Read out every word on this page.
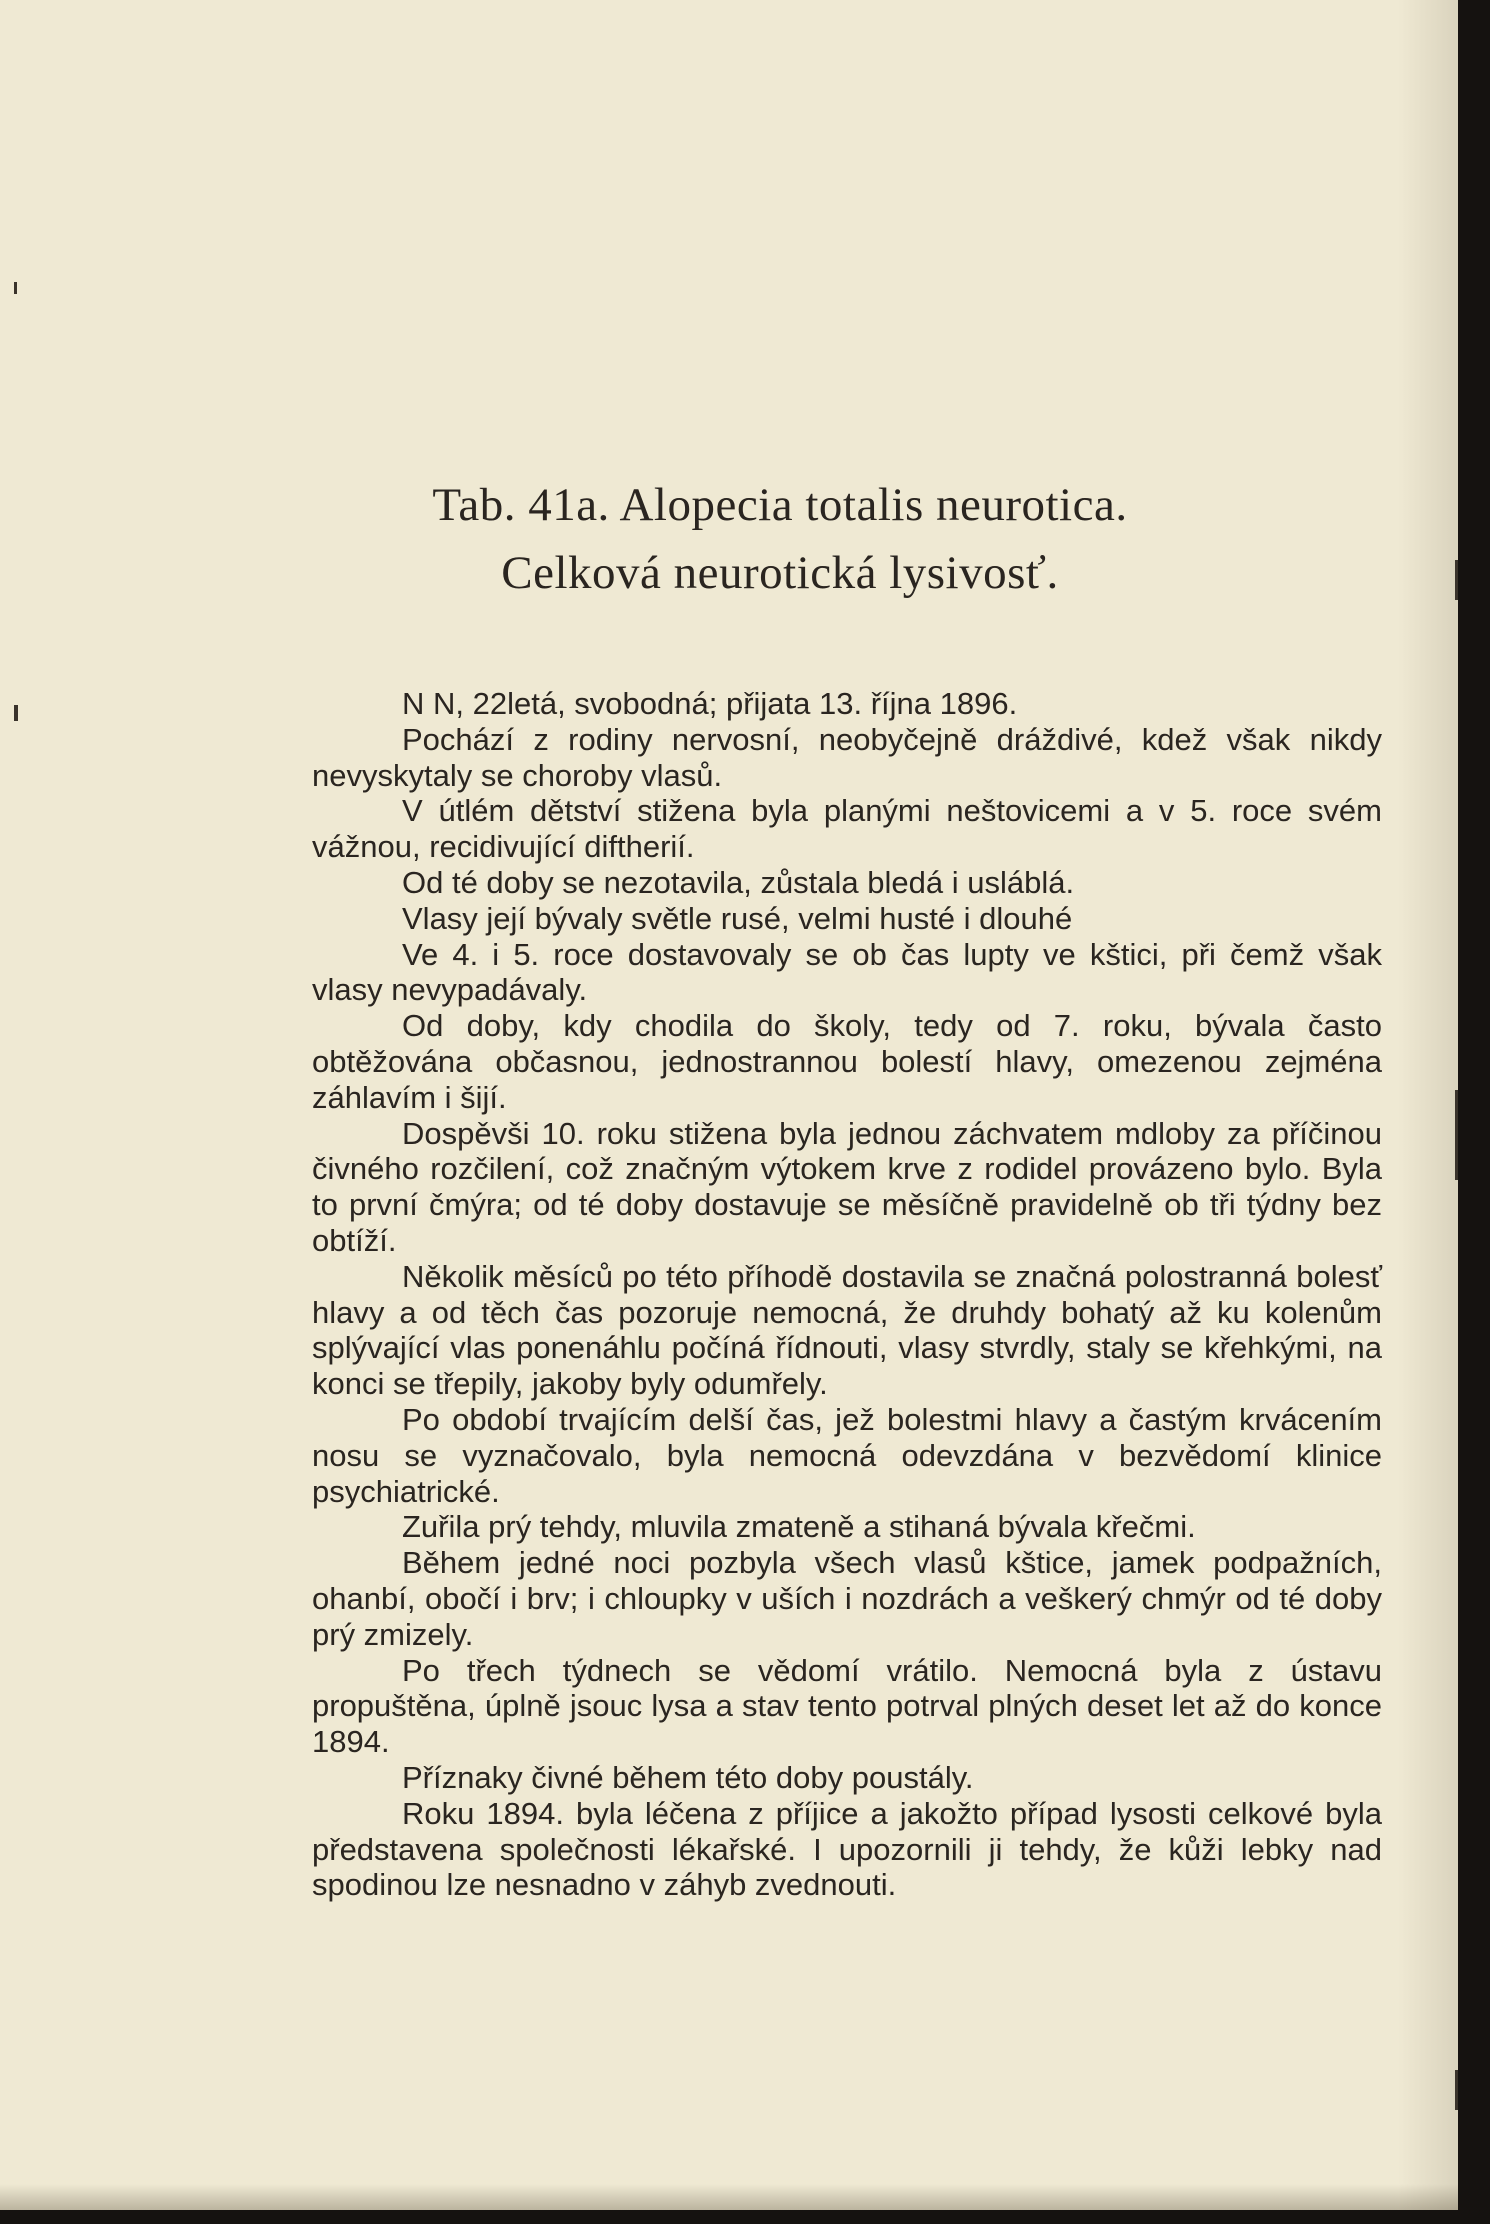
Tab. 41a. Alopecia totalis neurotica.
Celková neurotická lysivosť.

N N, 22letá, svobodná; přijata 13. října 1896.

Pochází z rodiny nervosní, neobyčejně dráždivé, kdež však nikdy nevyskytaly se choroby vlasů.

V útlém dětství stižena byla planými neštovicemi a v 5. roce svém vážnou, recidivující diftherií.

Od té doby se nezotavila, zůstala bledá i usláblá.

Vlasy její bývaly světle rusé, velmi husté i dlouhé

Ve 4. i 5. roce dostavovaly se ob čas lupty ve kštici, při čemž však vlasy nevypadávaly.

Od doby, kdy chodila do školy, tedy od 7. roku, bývala často obtěžována občasnou, jednostrannou bolestí hlavy, omezenou zejména záhlavím i šijí.

Dospěvši 10. roku stižena byla jednou záchvatem mdloby za příčinou čivného rozčilení, což značným výtokem krve z rodidel provázeno bylo. Byla to první čmýra; od té doby dostavuje se měsíčně pravidelně ob tři týdny bez obtíží.

Několik měsíců po této příhodě dostavila se značná polostranná bolesť hlavy a od těch čas pozoruje nemocná, že druhdy bohatý až ku kolenům splývající vlas ponenáhlu počíná řídnouti, vlasy stvrdly, staly se křehkými, na konci se třepily, jakoby byly odumřely.

Po období trvajícím delší čas, jež bolestmi hlavy a častým krvácením nosu se vyznačovalo, byla nemocná odevzdána v bezvědomí klinice psychiatrické.

Zuřila prý tehdy, mluvila zmateně a stihaná bývala křečmi.

Během jedné noci pozbyla všech vlasů kštice, jamek podpažních, ohanbí, obočí i brv; i chloupky v uších i nozdrách a veškerý chmýr od té doby prý zmizely.

Po třech týdnech se vědomí vrátilo. Nemocná byla z ústavu propuštěna, úplně jsouc lysa a stav tento potrval plných deset let až do konce 1894.

Příznaky čivné během této doby poustály.

Roku 1894. byla léčena z příjice a jakožto případ lysosti celkové byla představena společnosti lékařské. I upozornili ji tehdy, že kůži lebky nad spodinou lze nesnadno v záhyb zvednouti.
